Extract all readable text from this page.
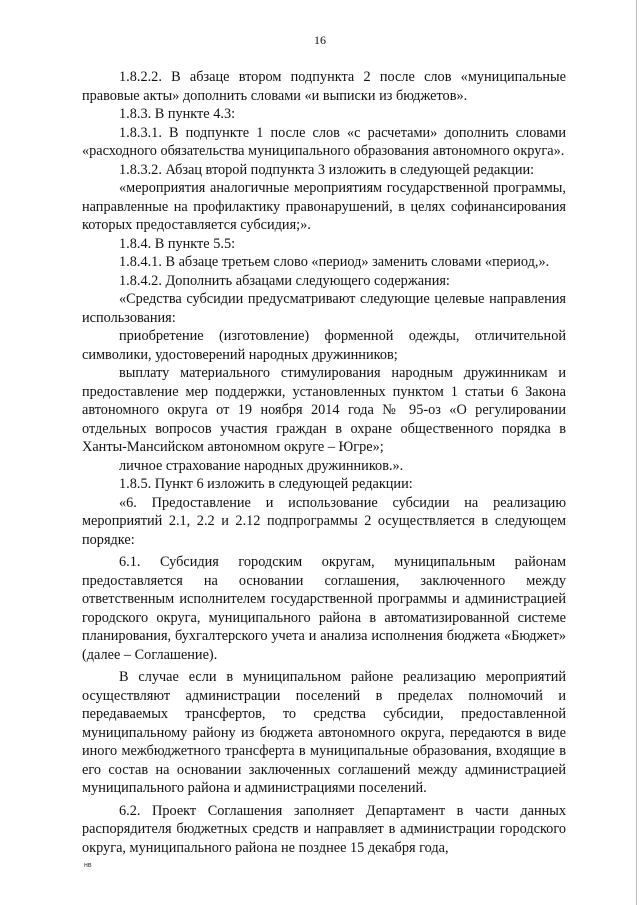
16

1.8.2.2. В абзаце втором подпункта 2 после слов «муниципальные правовые акты» дополнить словами «и выписки из бюджетов».

1.8.3. В пункте 4.3:

1.8.3.1. В подпункте 1 после слов «с расчетами» дополнить словами «расходного обязательства муниципального образования автономного округа».

1.8.3.2. Абзац второй подпункта 3 изложить в следующей редакции:

«мероприятия аналогичные мероприятиям государственной программы, направленные на профилактику правонарушений, в целях софинансирования которых предоставляется субсидия;».

1.8.4. В пункте 5.5:

1.8.4.1. В абзаце третьем слово «период» заменить словами «период,».

1.8.4.2. Дополнить абзацами следующего содержания:

«Средства субсидии предусматривают следующие целевые направления использования:

приобретение (изготовление) форменной одежды, отличительной символики, удостоверений народных дружинников;

выплату материального стимулирования народным дружинникам и предоставление мер поддержки, установленных пунктом 1 статьи 6 Закона автономного округа от 19 ноября 2014 года № 95-оз «О регулировании отдельных вопросов участия граждан в охране общественного порядка в Ханты-Мансийском автономном округе – Югре»;

личное страхование народных дружинников.».

1.8.5. Пункт 6 изложить в следующей редакции:

«6. Предоставление и использование субсидии на реализацию мероприятий 2.1, 2.2 и 2.12 подпрограммы 2 осуществляется в следующем порядке:

6.1. Субсидия городским округам, муниципальным районам предоставляется на основании соглашения, заключенного между ответственным исполнителем государственной программы и администрацией городского округа, муниципального района в автоматизированной системе планирования, бухгалтерского учета и анализа исполнения бюджета «Бюджет» (далее – Соглашение).

В случае если в муниципальном районе реализацию мероприятий осуществляют администрации поселений в пределах полномочий и передаваемых трансфертов, то средства субсидии, предоставленной муниципальному району из бюджета автономного округа, передаются в виде иного межбюджетного трансферта в муниципальные образования, входящие в его состав на основании заключенных соглашений между администрацией муниципального района и администрациями поселений.

6.2. Проект Соглашения заполняет Департамент в части данных распорядителя бюджетных средств и направляет в администрации городского округа, муниципального района не позднее 15 декабря года,

нв
